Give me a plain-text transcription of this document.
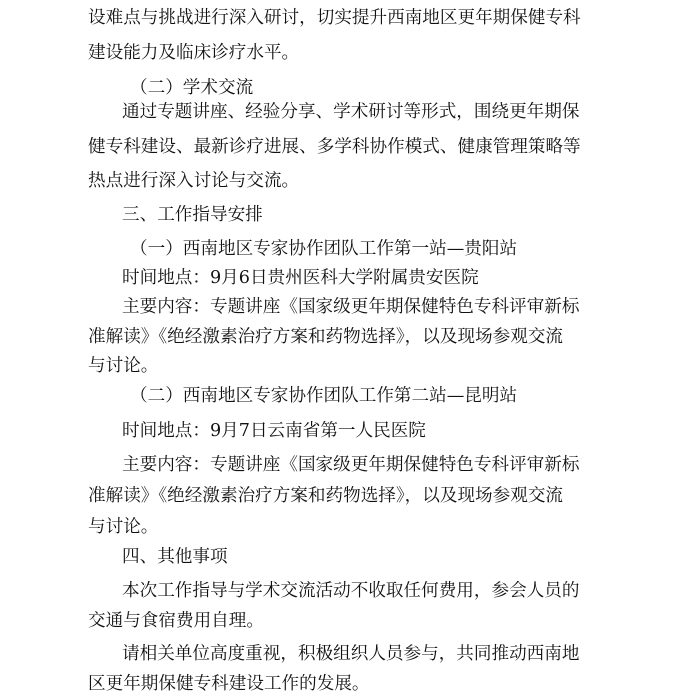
设难点与挑战进行深入研讨，切实提升西南地区更年期保健专科
建设能力及临床诊疗水平。
（二）学术交流
通过专题讲座、经验分享、学术研讨等形式，围绕更年期保
健专科建设、最新诊疗进展、多学科协作模式、健康管理策略等
热点进行深入讨论与交流。
三、工作指导安排
（一）西南地区专家协作团队工作第一站—贵阳站
时间地点：9月6日贵州医科大学附属贵安医院
主要内容：专题讲座《国家级更年期保健特色专科评审新标
准解读》《绝经激素治疗方案和药物选择》，以及现场参观交流
与讨论。
（二）西南地区专家协作团队工作第二站—昆明站
时间地点：9月7日云南省第一人民医院
主要内容：专题讲座《国家级更年期保健特色专科评审新标
准解读》《绝经激素治疗方案和药物选择》，以及现场参观交流
与讨论。
四、其他事项
本次工作指导与学术交流活动不收取任何费用，参会人员的
交通与食宿费用自理。
请相关单位高度重视，积极组织人员参与，共同推动西南地
区更年期保健专科建设工作的发展。
